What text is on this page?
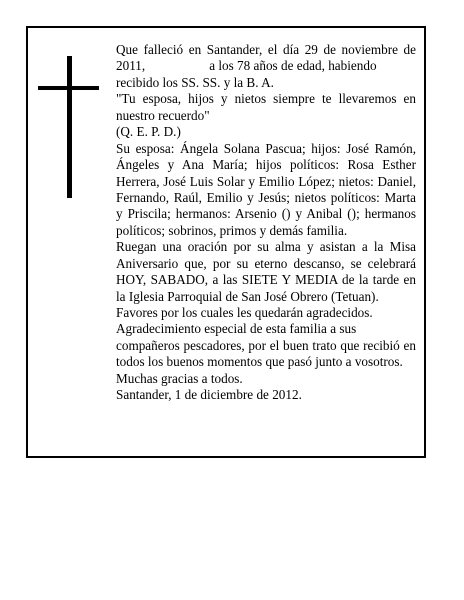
Que falleció en Santander, el día 29 de noviembre de
2011,	a los 78 años de edad, habiendo
recibido los SS. SS. y la B. A.
"Tu esposa, hijos y nietos siempre te llevaremos en
nuestro recuerdo"
(Q. E. P. D.)
Su esposa: Ángela Solana Pascua; hijos: José Ramón,
Ángeles y Ana María; hijos políticos: Rosa Esther
Herrera, José Luis Solar y Emilio López; nietos: Daniel,
Fernando, Raúl, Emilio y Jesús; nietos políticos: Marta
y Priscila; hermanos: Arsenio () y Anibal (); hermanos
políticos; sobrinos, primos y demás familia.
Ruegan una oración por su alma y asistan a la Misa
Aniversario que, por su eterno descanso, se celebrará
HOY, SABADO, a las SIETE Y MEDIA de la tarde en
la Iglesia Parroquial de San José Obrero (Tetuan).
Favores por los cuales les quedarán agradecidos.
Agradecimiento especial de esta familia a sus
compañeros pescadores, por el buen trato que recibió en
todos los buenos momentos que pasó junto a vosotros.
Muchas gracias a todos.
Santander, 1 de diciembre de 2012.
